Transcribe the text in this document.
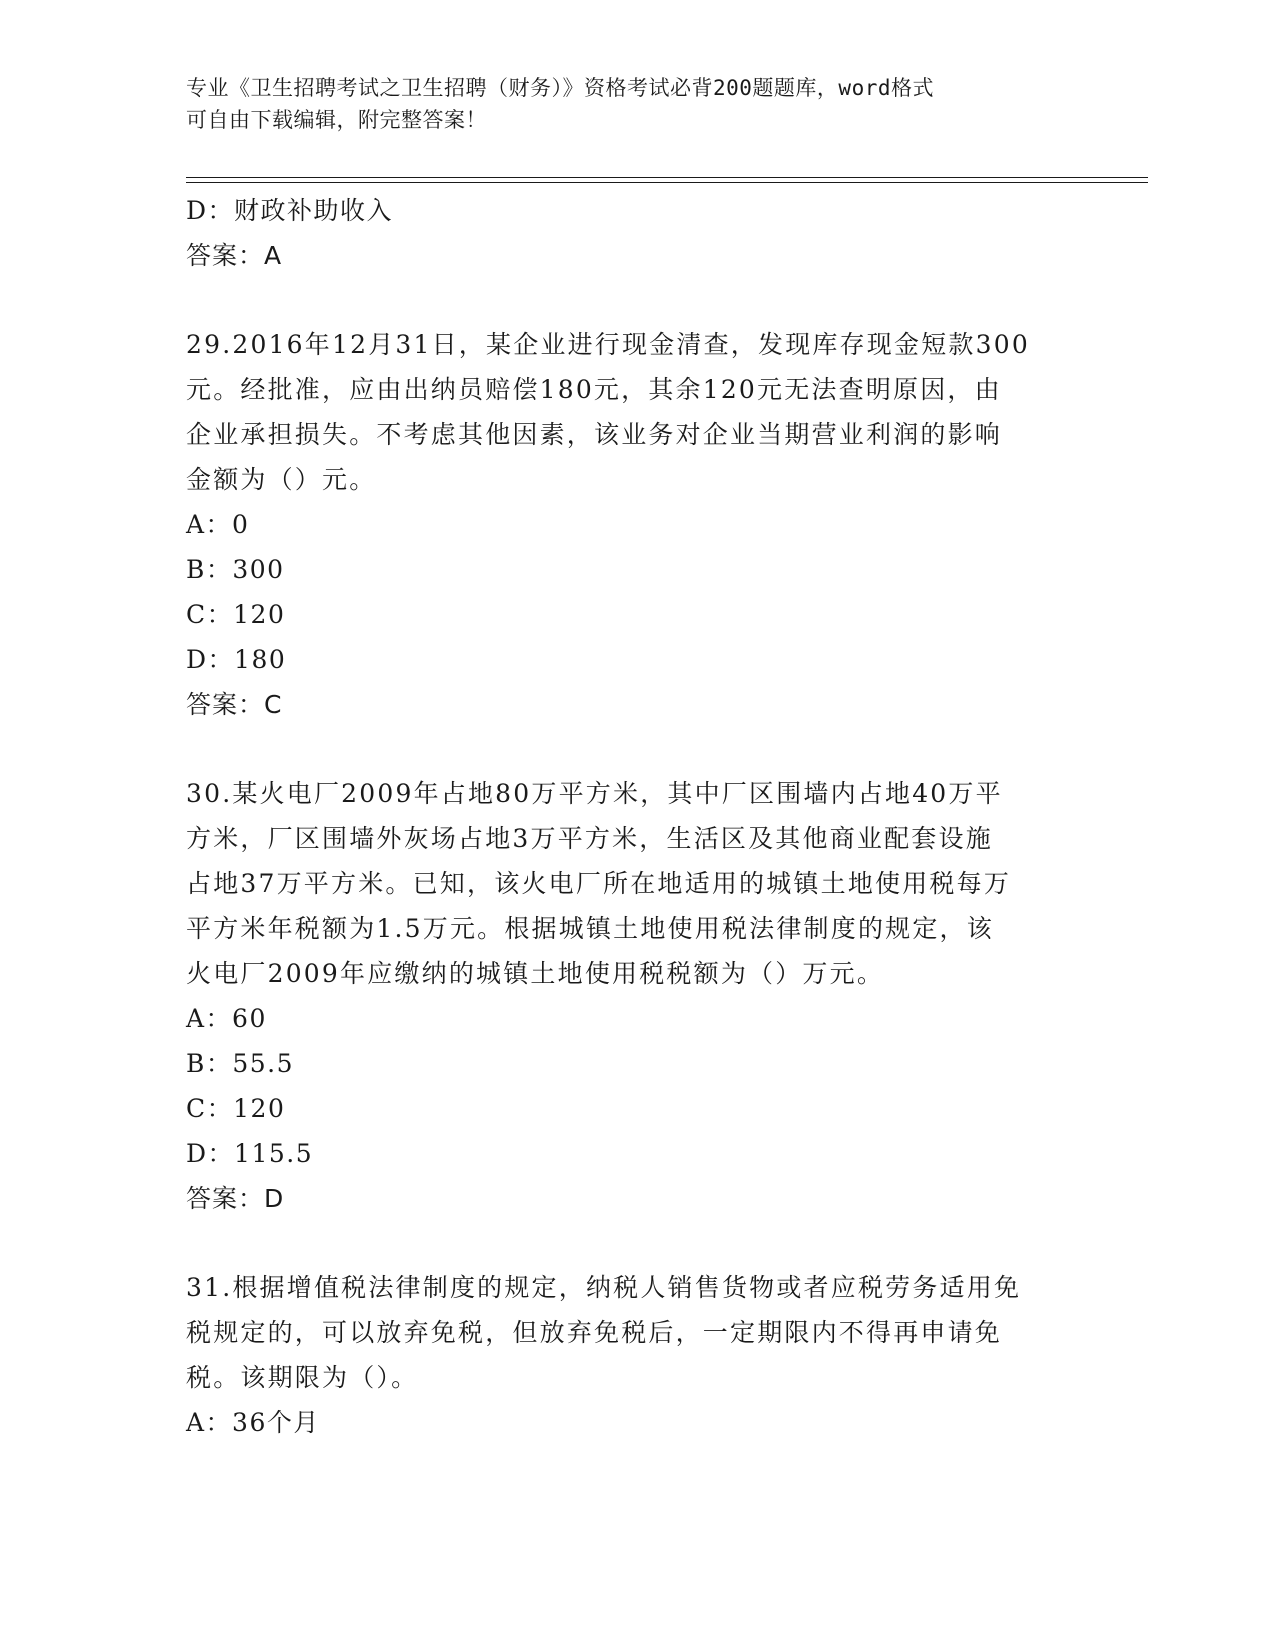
专业《卫生招聘考试之卫生招聘（财务）》资格考试必背200题题库，word格式
可自由下载编辑，附完整答案！
D：财政补助收入
答案：A
29.2016年12月31日，某企业进行现金清查，发现库存现金短款300
元。经批准，应由出纳员赔偿180元，其余120元无法查明原因，由
企业承担损失。不考虑其他因素，该业务对企业当期营业利润的影响
金额为（）元。
A：0
B：300
C：120
D：180
答案：C
30.某火电厂2009年占地80万平方米，其中厂区围墙内占地40万平
方米，厂区围墙外灰场占地3万平方米，生活区及其他商业配套设施
占地37万平方米。已知，该火电厂所在地适用的城镇土地使用税每万
平方米年税额为1.5万元。根据城镇土地使用税法律制度的规定，该
火电厂2009年应缴纳的城镇土地使用税税额为（）万元。
A：60
B：55.5
C：120
D：115.5
答案：D
31.根据增值税法律制度的规定，纳税人销售货物或者应税劳务适用免
税规定的，可以放弃免税，但放弃免税后，一定期限内不得再申请免
税。该期限为（）。
A：36个月
